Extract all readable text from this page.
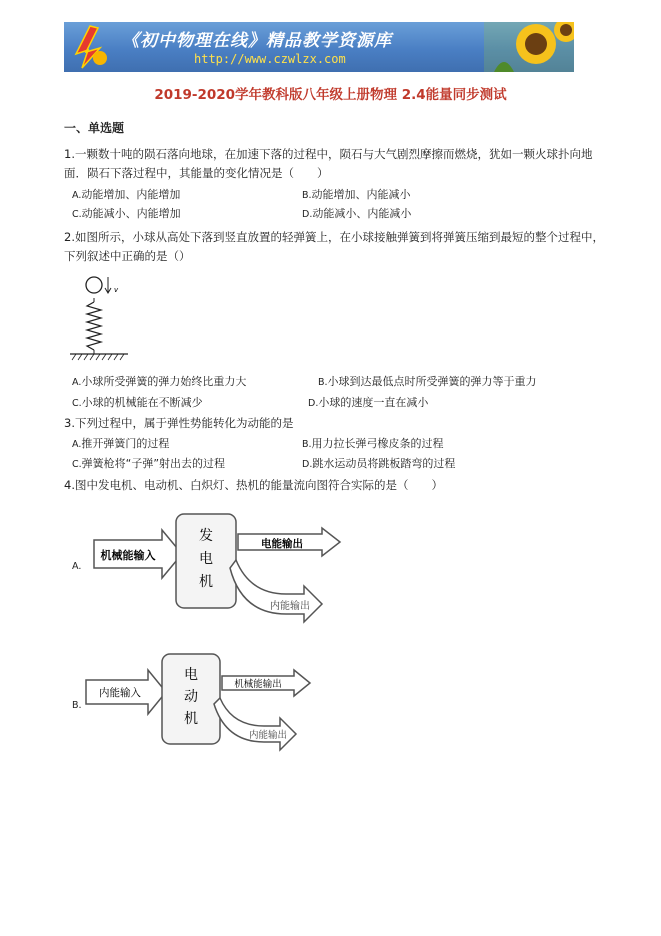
《初中物理在线》精品教学资源库
http://www.czwlzx.com
2019-2020学年教科版八年级上册物理 2.4能量同步测试
一、单选题
1.一颗数十吨的陨石落向地球，在加速下落的过程中，陨石与大气剧烈摩擦而燃烧，犹如一颗火球扑向地
面．陨石下落过程中，其能量的变化情况是（　　）
A.动能增加、内能增加	B.动能增加、内能减小
C.动能减小、内能增加	D.动能减小、内能减小
2.如图所示，小球从高处下落到竖直放置的轻弹簧上，在小球接触弹簧到将弹簧压缩到最短的整个过程中，
下列叙述中正确的是（）
v
A.小球所受弹簧的弹力始终比重力大	B.小球到达最低点时所受弹簧的弹力等于重力
C.小球的机械能在不断减少	D.小球的速度一直在减小
3.下列过程中，属于弹性势能转化为动能的是
A.推开弹簧门的过程	B.用力拉长弹弓橡皮条的过程
C.弹簧枪将“子弹”射出去的过程	D.跳水运动员将跳板踏弯的过程
4.图中发电机、电动机、白炽灯、热机的能量流向图符合实际的是（　　）
A.
机械能输入
发
电
机
电能输出
内能输出
B.
内能输入
电
动
机
机械能输出
内能输出
